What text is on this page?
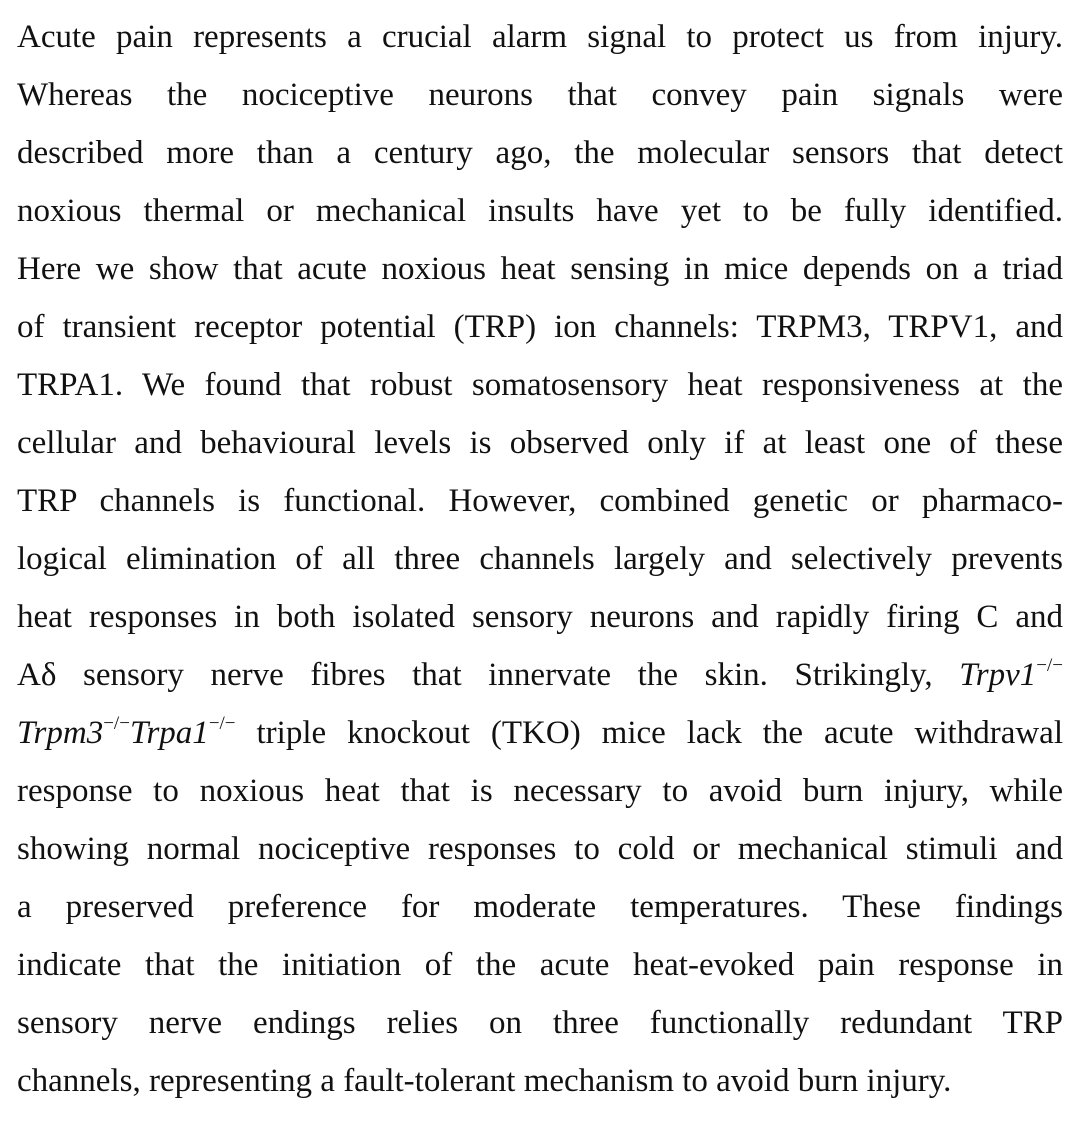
Acute pain represents a crucial alarm signal to protect us from injury.
Whereas the nociceptive neurons that convey pain signals were
described more than a century ago, the molecular sensors that detect
noxious thermal or mechanical insults have yet to be fully identified.
Here we show that acute noxious heat sensing in mice depends on a triad
of transient receptor potential (TRP) ion channels: TRPM3, TRPV1, and
TRPA1. We found that robust somatosensory heat responsiveness at the
cellular and behavioural levels is observed only if at least one of these
TRP channels is functional. However, combined genetic or pharmaco-
logical elimination of all three channels largely and selectively prevents
heat responses in both isolated sensory neurons and rapidly firing C and
Aδ sensory nerve fibres that innervate the skin. Strikingly, Trpv1−/−
Trpm3−/−Trpa1−/− triple knockout (TKO) mice lack the acute withdrawal
response to noxious heat that is necessary to avoid burn injury, while
showing normal nociceptive responses to cold or mechanical stimuli and
a preserved preference for moderate temperatures. These findings
indicate that the initiation of the acute heat-evoked pain response in
sensory nerve endings relies on three functionally redundant TRP
channels, representing a fault-tolerant mechanism to avoid burn injury.
